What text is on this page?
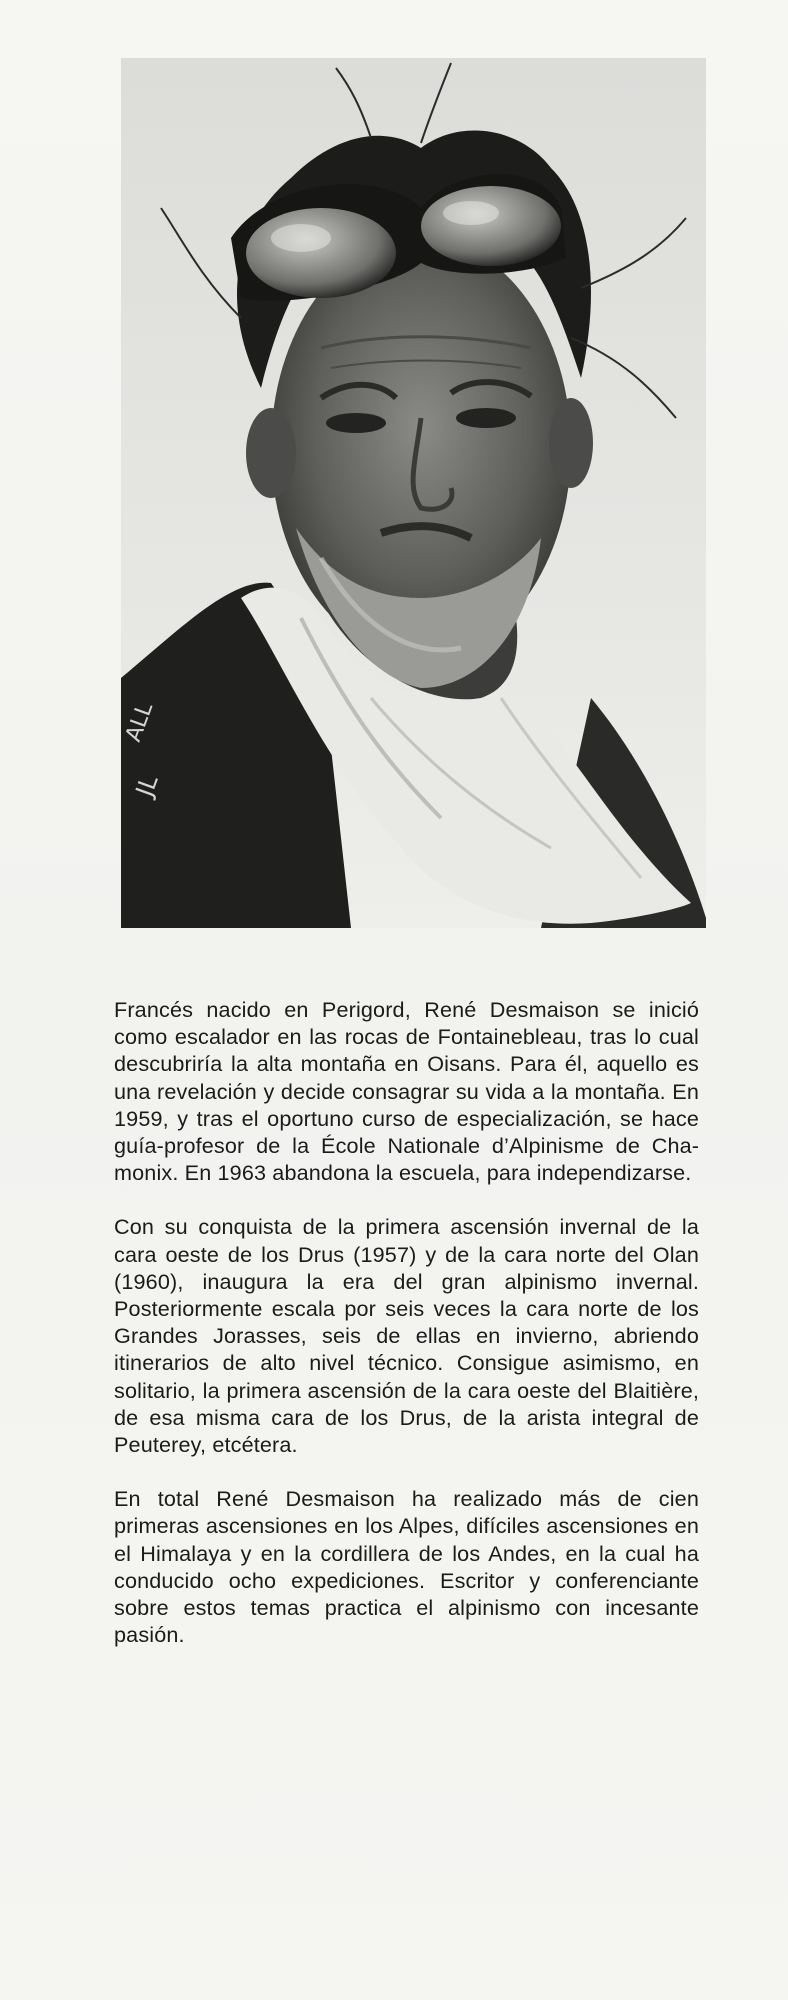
ALL
JL

Francés nacido en Perigord, René Desmaison se inició como escalador en las rocas de Fontainebleau, tras lo cual descubriría la alta montaña en Oisans. Para él, aquello es una revelación y decide consagrar su vida a la montaña. En 1959, y tras el oportuno curso de especialización, se hace guía-profesor de la École Nationale d’Alpinisme de Chamonix. En 1963 abandona la escuela, para independizarse.

Con su conquista de la primera ascensión invernal de la cara oeste de los Drus (1957) y de la cara norte del Olan (1960), inaugura la era del gran alpinismo invernal. Posteriormente escala por seis veces la cara norte de los Grandes Jorasses, seis de ellas en invierno, abriendo itinerarios de alto nivel técnico. Consigue asimismo, en solitario, la primera ascensión de la cara oeste del Blaitière, de esa misma cara de los Drus, de la arista integral de Peuterey, etcétera.

En total René Desmaison ha realizado más de cien primeras ascensiones en los Alpes, difíciles ascensiones en el Himalaya y en la cordillera de los Andes, en la cual ha conducido ocho expediciones. Escritor y conferenciante sobre estos temas practica el alpinismo con incesante pasión.
